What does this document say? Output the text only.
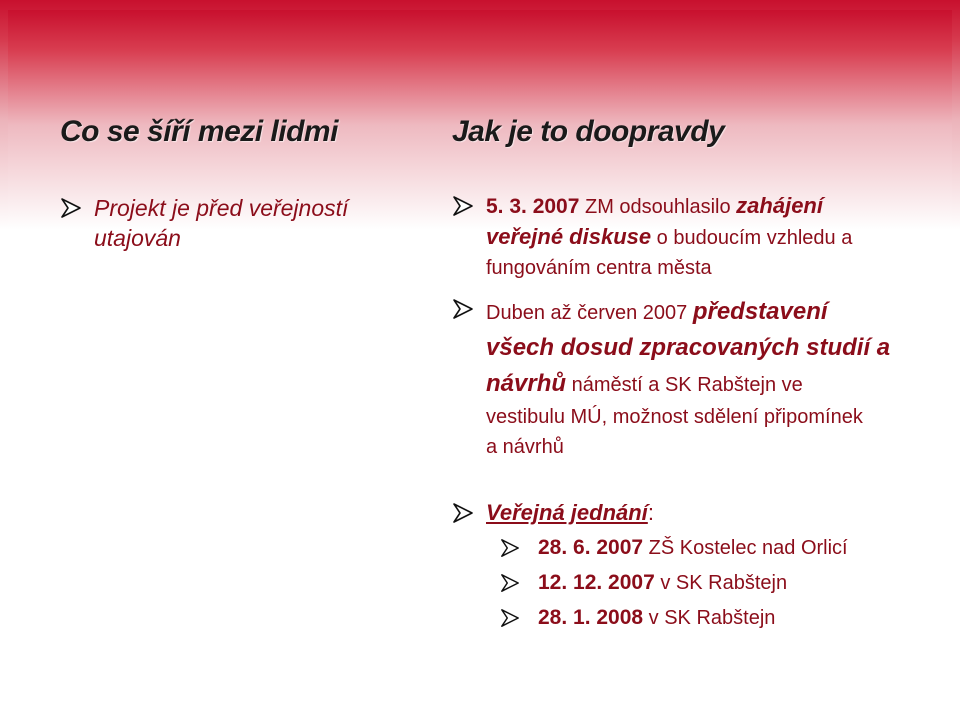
Co se šíří mezi lidmi
Projekt je před veřejností
utajován
Jak je to doopravdy
5. 3. 2007 ZM odsouhlasilo zahájení
veřejné diskuse o budoucím vzhledu a
fungováním centra města
Duben až červen 2007 představení
všech dosud zpracovaných studií a
návrhů náměstí a SK Rabštejn ve
vestibulu MÚ, možnost sdělení připomínek
a návrhů
Veřejná jednání:
28. 6. 2007 ZŠ Kostelec nad Orlicí
12. 12. 2007 v SK Rabštejn
28. 1. 2008 v SK Rabštejn
